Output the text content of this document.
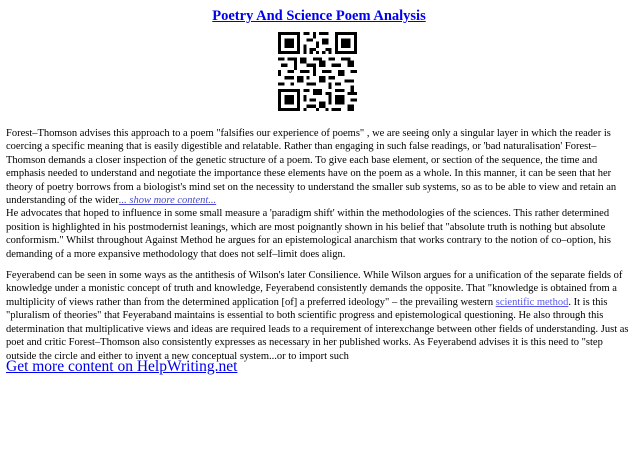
Poetry And Science Poem Analysis

Forest–Thomson advises this approach to a poem "falsifies our experience of poems" , we are seeing only a singular layer in which the reader is coercing a specific meaning that is easily digestible and relatable. Rather than engaging in such false readings, or 'bad naturalisation' Forest–Thomson demands a closer inspection of the genetic structure of a poem. To give each base element, or section of the sequence, the time and emphasis needed to understand and negotiate the importance these elements have on the poem as a whole. In this manner, it can be seen that her theory of poetry borrows from a biologist's mind set on the necessity to understand the smaller sub systems, so as to be able to view and retain an understanding of the wider... show more content...
He advocates that hoped to influence in some small measure a 'paradigm shift' within the methodologies of the sciences. This rather determined position is highlighted in his postmodernist leanings, which are most poignantly shown in his belief that "absolute truth is nothing but absolute conformism." Whilst throughout Against Method he argues for an epistemological anarchism that works contrary to the notion of co–option, his demanding of a more expansive methodology that does not self–limit does align.

Feyerabend can be seen in some ways as the antithesis of Wilson's later Consilience. While Wilson argues for a unification of the separate fields of knowledge under a monistic concept of truth and knowledge, Feyerabend consistently demands the opposite. That "knowledge is obtained from a multiplicity of views rather than from the determined application [of] a preferred ideology" – the prevailing western scientific method. It is this "pluralism of theories" that Feyeraband maintains is essential to both scientific progress and epistemological questioning. He also through this determination that multiplicative views and ideas are required leads to a requirement of interexchange between other fields of understanding. Just as poet and critic Forest–Thomson also consistently expresses as necessary in her published works. As Feyerabend advises it is this need to "step outside the circle and either to invent a new conceptual system...or to import such

Get more content on HelpWriting.net
